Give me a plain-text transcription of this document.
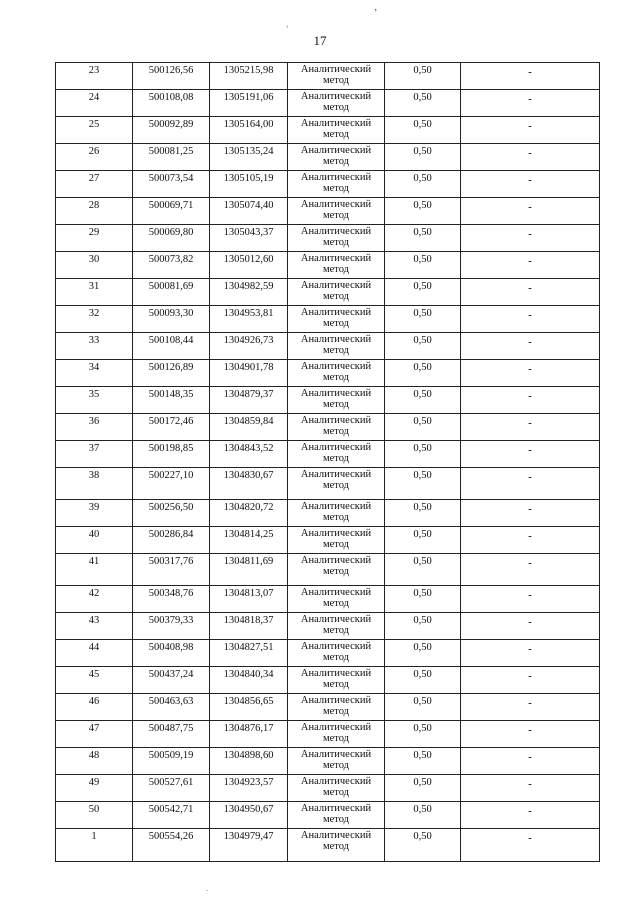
’
‘
.
17
23	500126,56	1305215,98	Аналитический метод	0,50	-

24	500108,08	1305191,06	Аналитический метод	0,50	-

25	500092,89	1305164,00	Аналитический метод	0,50	-

26	500081,25	1305135,24	Аналитический метод	0,50	-

27	500073,54	1305105,19	Аналитический метод	0,50	-

28	500069,71	1305074,40	Аналитический метод	0,50	-

29	500069,80	1305043,37	Аналитический метод	0,50	-

30	500073,82	1305012,60	Аналитический метод	0,50	-

31	500081,69	1304982,59	Аналитический метод	0,50	-

32	500093,30	1304953,81	Аналитический метод	0,50	-

33	500108,44	1304926,73	Аналитический метод	0,50	-

34	500126,89	1304901,78	Аналитический метод	0,50	-

35	500148,35	1304879,37	Аналитический метод	0,50	-

36	500172,46	1304859,84	Аналитический метод	0,50	-

37	500198,85	1304843,52	Аналитический метод	0,50	-

38	500227,10	1304830,67	Аналитический метод	0,50	-

39	500256,50	1304820,72	Аналитический метод	0,50	-

40	500286,84	1304814,25	Аналитический метод	0,50	-

41	500317,76	1304811,69	Аналитический метод	0,50	-

42	500348,76	1304813,07	Аналитический метод	0,50	-

43	500379,33	1304818,37	Аналитический метод	0,50	-

44	500408,98	1304827,51	Аналитический метод	0,50	-

45	500437,24	1304840,34	Аналитический метод	0,50	-

46	500463,63	1304856,65	Аналитический метод	0,50	-

47	500487,75	1304876,17	Аналитический метод	0,50	-

48	500509,19	1304898,60	Аналитический метод	0,50	-

49	500527,61	1304923,57	Аналитический метод	0,50	-

50	500542,71	1304950,67	Аналитический метод	0,50	-

1	500554,26	1304979,47	Аналитический метод	0,50	-
